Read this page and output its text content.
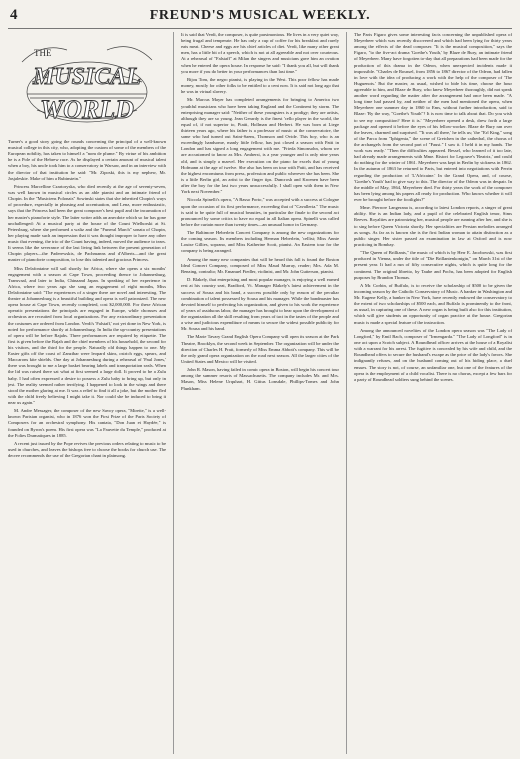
4	FREUND'S MUSICAL WEEKLY.
THE
MUSICAL
WORLD

Turner's a good story going the rounds concerning the principal of a well-known musical college in this city, who, adopting the custom of some of the members of the European nobility, has taken to himself a "nom de plume." By virtue of his ambition he is a Pole of the Hebrew race. As he displayed a certain amount of musical talent when a boy, his uncle took him to a conservatory in Warsaw, and in an interview with the director of that institution he said: "Mr. Ziposki, this is my nephew, Mr. Jasjaleskie. Make of him a Rubinstein."

Princess Marcelline Czartoryska, who died recently at the age of seventy-seven, was well known in musical circles as an able pianist and an intimate friend of Chopin. In the "Musiciens Polonais" Sowinski states that she inherited Chopin's ways of procedure, especially in phrasing and accentuation, and Lenz, more enthusiastic, says that the Princess had been the great composer's best pupil and the incarnation of her master's pianoforte style. The latter writer adds an anecdote which so far has gone unchallenged: At a musical party at the house of the Count Wielhorski at St. Petersburg, where she performed a waltz and the "Funeral March" sonata of Chopin, her playing made such an impression that it was thought improper to have any other music that evening, the trio of the Count having, indeed, moved the audience to tears. It seems like the severance of the last living link between the present generation of Chopin players—the Paderewskis, de Pachmanns and d'Alberts—and the great master of pianoforte composition, to lose this talented and gracious Princess.

Miss Delafontaine will sail shortly for Africa, where she opens a six months' engagement with a season at Cape Town, proceeding thence to Johannesburg, Transvaal, and later to India, Chinaand Japan. In speaking of her experience in Africa, where two years ago she sang an engagement of eight months, Miss Delafontaine said: "The experiences of a singer there are novel and interesting. The theatre at Johannesburg is a beautiful building and opera is well patronized. The new opera house at Cape Town, recently completed, cost $2,000,000. For these African operatic presentations the principals are engaged in Europe, while choruses and orchestras are recruited from local organizations. For any extraordinary presentation the costumes are ordered from London. Verdi's 'Falstaff,' not yet done in New York, is noted for performance shortly at Johannesburg. In India the up-country presentations of opera will be before Rajahs. Three performances are required by etiquette. The first is given before the Rajah and the chief members of his household, the second for his visitors, and the third for the people. Naturally old things happen to one. My Easter gifts off the coast of Zanzibar were leopard skins, ostrich eggs, spears, and Maccarons kite shields. One day at Johannesburg during a rehearsal of 'Paul Jones,' there was brought to me a large basket bearing labels and transportation seals. When the lid was raised there sat what at first seemed a large doll. It proved to be a Zulu baby. I had often expressed a desire to possess a Zulu baby to bring up, but only in jest. The reality seemed rather terrifying. I happened to look in the wings and there stood the mother glaring at me. It was a relief to find it all a joke, but the mother fled with the child freely believing I might take it. Nor could she be induced to bring it near us again."

M. Andre Messager, the composer of the new Savoy opera, "Mirette," is a well-known Parisian organist, who in 1876 won the First Prize of the Paris Society of Composers for an orchestral symphony. His cantata, "Don Juan et Haydée," is founded on Byron's poem. His first opera was "La Fauvette du Temple," produced at the Folies Dramatiques in 1885.

A recent just issued by the Pope revives the previous orders relating to music to be used in churches, and leaves the bishops free to choose the books for church use. The decree recommends the use of the Gregorian chant in plainsong.

It is said that Verdi, the composer, is quite parsimonious. He lives in a very quiet way, being frugal and temperate. He has only a cup of coffee for his breakfast and rarely eats meat. Cheese and eggs are his chief articles of diet. Verdi, like many other great men, has a little bit of a speech, which is not at all agreeable and not over courteous. At a rehearsal of "Falstaff" at Milan the singers and musicians gave him an ovation when he entered the opera house. In response he said: "I thank you all, but will thank you more if you do better in your performances than last time."

Bijou Tom, the negro pianist, is playing in the West. This poor fellow has made money, mostly for other folks to be entitled to a cent now. It is said not long ago that he was in virtual slavery.

Mr. Marcus Mayer has completed arrangements for bringing to America two youthful musicians who have been taking England and the Continent by storm. The enterprising manager said: "Neither of these youngsters is a prodigy; they are artists, although they are so young. Jean Gerardy is the finest 'cello player in the world, the equal of, if not superior to, Piatti, Hollman and Herbert. He was born at Liege thirteen years ago, where his father is a professor of music at the conservatoire, the same who had turned out Saint-Saens, Thomson and Ovide. This boy, who is an exceedingly handsome, manly little fellow, has just closed a season with Patti in London and has signed a long engagement with me. "Frieda Simonsohn, whom we are accustomed to know as Mrs. Amherst, is a year younger and is only nine years old, and is simply a marvel. Her execution on the piano far excels that of young Hofmann at the age of twelve. She also has been on tour with Patti, and has received the highest encomiums from press, profession and public wherever she has been. She is a little Berlin girl, an artist to the finger tips. Duncrosh and Kroenen have been after the boy for the last two years unsuccessfully. I shall open with them in New York next November."

Niccola Spinelli's opera, "A Basso Porto," was accepted with a success at Cologne upon the occasion of its first performance, exceeding that of "Cavalleria." The music is said to be quite full of musical beauties, in particular the finale to the second act pronounced by some critics to have no equal in all Italian opera. Spinelli was called before the curtain more than twenty times—an unusual honor in Germany.

The Baltimore Heberlein Concert Company is among the new organizations for the coming season. Its members including Herman Heberlein, 'cellist; Miss Annie Louise Gillies, soprano, and Miss Katherine Scott, pianist. An Eastern tour for the company is being arranged.

Among the many new companies that will be heard this fall is found the Boston Ideal Concert Company, composed of Miss Maud Murray, reader; Mrs. Ada M. Benzing, contralto; Mr. Emanuel Fiedler, violinist, and Mr. John Gutterson, pianist.

D. Blakely, that enterprising and most popular manager, is enjoying a well earned rest at his country seat, Bradford, Vt. Manager Blakely's latest achievement in the success of Sousa and his band, a success possible only by reason of the peculiar combination of talent possessed by Sousa and his manager. While the bandmaster has devoted himself to perfecting his organization, and given to his work the experience of years of assiduous labor, the manager has brought to bear upon the development of the organization all the skill resulting from years of tact in the tastes of the people and a wise and judicious expenditure of means to secure the widest possible publicity for Mr. Sousa and his band.

The Marie Tavary Grand English Opera Company will open its season at the Park Theatre, Brooklyn, the second week in September. The organization will be under the direction of Charles H. Pratt, formerly of Miss Emma Abbott's company. This will be the only grand opera organization on the road next season. All the larger cities of the United States and Mexico will be visited.

John R. Mason, having failed in comic opera in Boston, will begin his concert tour among the summer resorts of Massachusetts. The company includes Mr. and Mrs. Mason, Miss Helene Urquhart, H. Gittus Lonsdale, Phillips-Tomes and John Plunkham.

The Paris Figaro gives some interesting facts concerning the unpublished opera of Meyerbeer which was recently discovered and which had been lying for thirty years among the effects of the dead composer. "It is the musical composition," says the Figaro, "to the five-act drama 'Goethe's Youth,' by Blaze de Bury, an intimate friend of Meyerbeer. Many have forgotten to-day that all preparations had been made for the production of this drama in the Odeon, when unexpected incidents made it impossible. "Charles de Roussel, from 1856 to 1867 director of the Odeon, had fallen in love with the idea of producing a work with the help of the composer of 'The Huguenots.' But the master, as usual, wished to bide his time, choose the hour agreeable to him, and Blaze de Bury, who knew Meyerbeer thoroughly, did not speak another word regarding the matter after the arrangement had once been made. "A long time had passed by, and neither of the men had mentioned the opera, when Meyerbeer one summer day in 1860 to Ems, without further introduction, said to Blaze: 'By the way, "Goethe's Youth"? It is now time to talk about that. Do you wish to see my composition? Here it is.' "Meyerbeer opened a desk, drew forth a large package and opened it before the eyes of his fellow-worker. Blaze de Bury ran over the leaves, charmed and surprised. "'It was all there,' he tells us; 'the "Erl King," song of the Parca from "Iphigenia," the scene of Gretchen in the cathedral, the chorus of the archangels from the second part of "Faust." I saw it. I held it in my hands. The work was ready.' "Then the difficulties appeared. Bessel, who learned of it too late, had already made arrangements with Mme. Ristori for Legouve's 'Beatrix,' and could do nothing for the winter of 1861. Meyerbeer was kept in Berlin by sickness in 1862. In the autumn of 1863 he returned to Paris, but entered into negotiations with Perrin regarding the production of 'L'Africaine.' In the Grand Opera, and, of course, 'Goethe's Youth' had to give way to this. The director of the Odeon was in despair. In the middle of May, 1864, Meyerbeer died. For thirty years the work of the composer has been lying among his papers all ready for production. Who knows whether it will ever be brought before the footlights?"

Mme. Pierrore Langerana is, according to latest London reports, a singer of great ability. She is an Indian lady, and a pupil of the celebrated English tenor, Sims Reeves. Royalties are patronizing her, musical people are running after her, and she is to sing before Queen Victoria shortly. Her specialities are Persian melodies arranged as songs. As far as is known she is the first Indian woman to attain distinction as a public singer. Her sister passed an examination in law at Oxford and is now practicing in Bombay.

"The Queen of Brilliants," the music of which is by Herr E. Jacobowski, was first produced in Vienna, under the title of "Die Brillantenkonigin," on March 31st of the present year. It had a run of fifty consecutive nights, which is quite long for the continent. The original libretto, by Taube and Pochs, has been adopted for English purposes by Brandon Thomas.

A Mr. Corbin, of Buffalo, is to receive the scholarship of $500 to be given the incoming season by the Catholic Conservatory of Music. A banker in Washington and Mr. Eugene Kelly, a banker in New York, have recently endowed the conservatory to the extent of two scholarships of $500 each, and Buffalo is prominently to the front, as usual, in capturing one of these. A new organ is being built also for this institution, which will give students an opportunity of organ practice at the house. Gregorian music is made a special feature of the instruction.

Among the announced novelties of the London opera season was "The Lady of Longford," by Emil Bach, composer of "Irmengarda." "The Lady of Longford" is in one act upon a Scotch subject. A Roundhead officer arrives at the house of a Royalist with a warrant for his arrest. The fugitive is concealed by his wife and child, and the Roundhead offers to secure the husband's escape as the price of the lady's favors. She indignantly refuses, and on the husband coming out of his hiding place, a duel ensues. The story is not, of course, an unfamiliar one, but one of the features of the opera is the employment of a child vocalist. There is no chorus, except a few bars for a party of Roundhead soldiers sung behind the scenes.
